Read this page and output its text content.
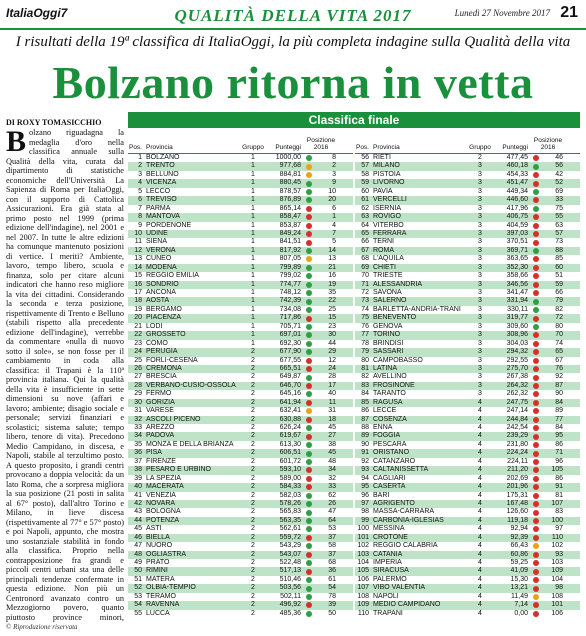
ItaliaOggi7	QUALITÀ DELLA VITA 2017	Lunedì 27 Novembre 2017 21
I risultati della 19ª classifica di ItaliaOggi, la più completa indagine sulla Qualità della vita
Bolzano ritorna in vetta
DI ROXY TOMASICCHIO
Bolzano riguadagna la medaglia d'oro nella classifica annuale sulla Qualità della vita, curata dal dipartimento di statistiche economiche dell'Università La Sapienza di Roma per ItaliaOggi, con il supporto di Cattolica Assicurazioni. Era già stata al primo posto nel 1999 (prima edizione dell'indagine), nel 2001 e nel 2007. In tutte le altre edizioni ha comunque mantenuto posizioni di vertice. I meriti? Ambiente, lavoro, tempo libero, scuola e finanza, solo per citare alcuni indicatori che hanno reso migliore la vita dei cittadini. Considerando la seconda e terza posizione, rispettivamente di Trento e Belluno (stabili rispetto alla precedente edizione dell'indagine), verrebbe da commentare «nulla di nuovo sotto il sole», se non fosse per il cambiamento in coda alla classifica: il Trapani è la 110ª provincia italiana. Qui la qualità della vita è insufficiente in sette dimensioni su nove (affari e lavoro; ambiente; disagio sociale e personale; servizi finanziari e scolastici; sistema salute; tempo libero, tenore di vita). Precedono Medio Campidano, in discesa, e Napoli, stabile al terzultimo posto. A questo proposito, i grandi centri provocano a doppia velocità: da un lato Roma, che a sorpresa migliora la sua posizione (21 posti in salita al 67° posto), dall'altro Torino e Milano, in lieve discesa (rispettivamente al 77° e 57° posto) e poi Napoli, appunto, che mostra uno sostanziale stabilità in fondo alla classifica. Proprio nella contrapposizione fra grandi e piccoli centri urbani sta una delle principali tendenze confermate in questa edizione. Non più un Centronord avanzato contro un Mezzogiorno povero, quanto piuttosto province minori,
© Riproduzione riservata
Classifica finale
Pos. Provincia	Gruppo	Punteggi
Posizione 2016
1 BOLZANO	1	1000,00	8
2 TRENTO	1	977,68	2
3 BELLUNO	1	884,81	3
4 VICENZA	1	880,45	9
5 LECCO	1	878,57	10
6 TREVISO	1	876,89	20
7 PARMA	1	865,14	6
8 MANTOVA	1	858,47	1
9 PORDENONE	1	853,87	4
10 UDINE	1	849,24	7
11 SIENA	1	841,51	5
12 VERONA	1	817,92	14
13 CUNEO	1	807,05	13
14 MODENA	1	799,89	21
15 REGGIO EMILIA	1	799,02	16
16 SONDRIO	1	774,77	19
17 ANCONA	1	748,12	35
18 AOSTA	1	742,39	22
19 BERGAMO	1	734,08	25
20 PIACENZA	1	717,86	15
21 LODI	1	705,71	23
22 GROSSETO	1	697,01	30
23 COMO	1	692,30	44
24 PERUGIA	2	677,90	29
25 FORLÌ-CESENA	2	677,55	12
26 CREMONA	2	665,51	24
27 BRESCIA	2	649,87	28
28 VERBANO-CUSIO-OSSOLA	2	646,70	17
29 FERMO	2	645,16	40
30 GORIZIA	2	641,94	11
31 VARESE	2	632,41	31
32 ASCOLI PICENO	2	630,88	18
33 AREZZO	2	626,24	45
34 PADOVA	2	619,67	27
35 MONZA E DELLA BRIANZA	2	613,30	38
36 PISA	2	606,51	45
37 FIRENZE	2	601,72	48
38 PESARO E URBINO	2	593,10	34
39 LA SPEZIA	2	589,00	32
40 MACERATA	2	584,33	33
41 VENEZIA	2	582,03	62
42 NOVARA	2	578,26	26
43 BOLOGNA	2	565,83	47
44 POTENZA	2	563,35	64
45 ASTI	2	562,61	53
46 BIELLA	2	559,72	37
47 NUORO	2	543,29	58
48 OGLIASTRA	2	543,07	37
49 PRATO	2	522,48	68
50 RIMINI	2	517,13	36
51 MATERA	2	510,46	61
52 OLBIA-TEMPIO	2	503,56	54
53 TERAMO	2	502,11	78
54 RAVENNA	2	496,92	39
55 LUCCA	2	485,36	50
Pos. Provincia	Gruppo	Punteggi
Posizione 2016
56 RIETI	2	477,45	46
57 MILANO	3	460,18	56
58 PISTOIA	3	454,33	42
59 LIVORNO	3	451,47	52
60 PAVIA	3	449,34	69
61 VERCELLI	3	446,60	33
62 ISERNIA	3	417,96	75
63 ROVIGO	3	406,75	55
64 VITERBO	3	404,59	63
65 FERRARA	3	397,03	57
66 TERNI	3	370,51	73
67 ROMA	3	369,71	88
68 L'AQUILA	3	363,65	85
69 CHIETI	3	352,30	60
70 TRIESTE	3	358,66	51
71 ALESSANDRIA	3	346,56	59
72 SAVONA	3	341,47	66
73 SALERNO	3	331,94	79
74 BARLETTA-ANDRIA-TRANI	3	330,11	82
75 BENEVENTO	3	319,77	72
76 GENOVA	3	309,60	80
77 TORINO	3	308,96	70
78 BRINDISI	3	304,03	74
79 SASSARI	3	294,32	65
80 CAMPOBASSO	3	292,55	67
81 LATINA	3	275,70	76
82 AVELLINO	3	267,38	92
83 FROSINONE	3	264,32	87
84 TARANTO	3	262,32	90
85 RAGUSA	4	247,75	84
86 LECCE	4	247,14	89
87 COSENZA	4	244,84	77
88 ENNA	4	242,54	84
89 FOGGIA	4	239,29	95
90 PESCARA	4	231,80	86
91 ORISTANO	4	224,24	71
92 CATANZARO	4	224,11	96
93 CALTANISSETTA	4	211,20	105
94 CAGLIARI	4	202,69	86
95 CASERTA	4	201,96	91
96 BARI	4	175,31	81
97 AGRIGENTO	4	167,48	107
98 MASSA-CARRARA	4	126,60	83
99 CARBONIA-IGLESIAS	4	119,18	100
100 MESSINA	4	92,94	97
101 CROTONE	4	92,39	110
102 REGGIO CALABRIA	4	66,43	102
103 CATANIA	4	60,86	93
104 IMPERIA	4	59,25	103
105 SIRACUSA	4	41,09	109
106 PALERMO	4	15,30	104
107 VIBO VALENTIA	4	13,21	98
108 NAPOLI	4	11,49	108
109 MEDIO CAMPIDANO	4	7,14	101
110 TRAPANI	4	0,00	106
